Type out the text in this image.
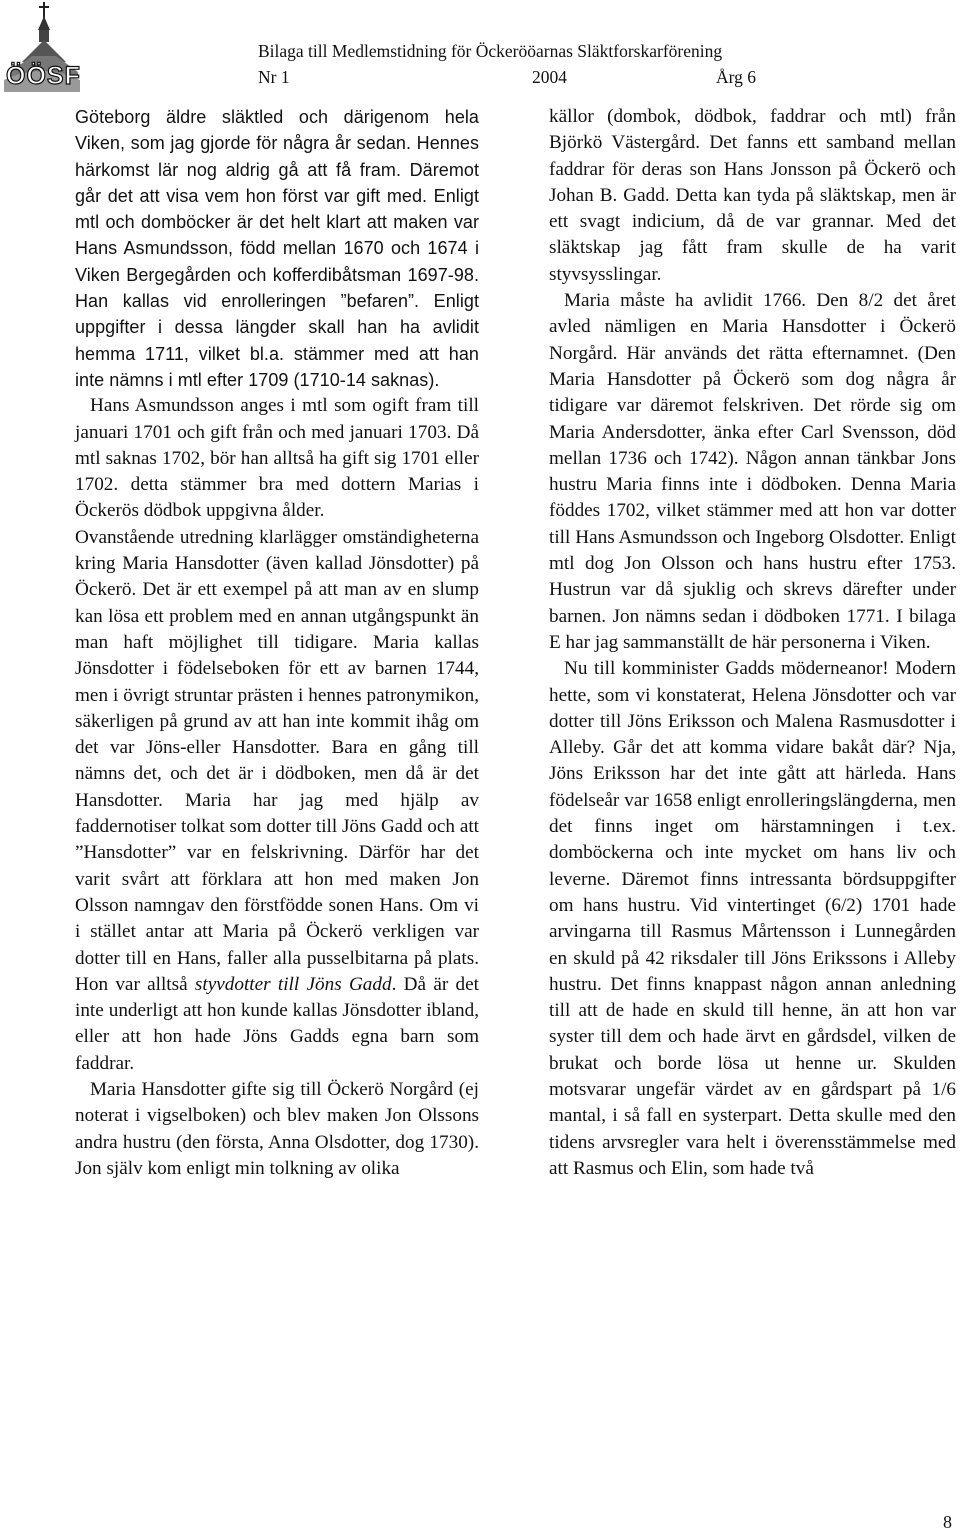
ÖÖSF
Bilaga till Medlemstidning för Öckerööarnas Släktforskarförening
Nr 1	2004	Årg 6

Göteborg äldre släktled och därigenom hela Viken, som jag gjorde för några år sedan. Hennes härkomst lär nog aldrig gå att få fram. Däremot går det att visa vem hon först var gift med. Enligt mtl och domböcker är det helt klart att maken var Hans Asmundsson, född mellan 1670 och 1674 i Viken Bergegården och kofferdibåtsman 1697-98. Han kallas vid enrolleringen ”befaren”. Enligt uppgifter i dessa längder skall han ha avlidit hemma 1711, vilket bl.a. stämmer med att han inte nämns i mtl efter 1709 (1710-14 saknas).

Hans Asmundsson anges i mtl som ogift fram till januari 1701 och gift från och med januari 1703. Då mtl saknas 1702, bör han alltså ha gift sig 1701 eller 1702. detta stämmer bra med dottern Marias i Öckerös dödbok uppgivna ålder.

Ovanstående utredning klarlägger omständigheterna kring Maria Hansdotter (även kallad Jönsdotter) på Öckerö. Det är ett exempel på att man av en slump kan lösa ett problem med en annan utgångspunkt än man haft möjlighet till tidigare. Maria kallas Jönsdotter i födelseboken för ett av barnen 1744, men i övrigt struntar prästen i hennes patronymikon, säkerligen på grund av att han inte kommit ihåg om det var Jöns-eller Hansdotter. Bara en gång till nämns det, och det är i dödboken, men då är det Hansdotter. Maria har jag med hjälp av faddernotiser tolkat som dotter till Jöns Gadd och att ”Hansdotter” var en felskrivning. Därför har det varit svårt att förklara att hon med maken Jon Olsson namngav den förstfödde sonen Hans. Om vi i stället antar att Maria på Öckerö verkligen var dotter till en Hans, faller alla pusselbitarna på plats. Hon var alltså styvdotter till Jöns Gadd. Då är det inte underligt att hon kunde kallas Jönsdotter ibland, eller att hon hade Jöns Gadds egna barn som faddrar.

Maria Hansdotter gifte sig till Öckerö Norgård (ej noterat i vigselboken) och blev maken Jon Olssons andra hustru (den första, Anna Olsdotter, dog 1730). Jon själv kom enligt min tolkning av olika

källor (dombok, dödbok, faddrar och mtl) från Björkö Västergård. Det fanns ett samband mellan faddrar för deras son Hans Jonsson på Öckerö och Johan B. Gadd. Detta kan tyda på släktskap, men är ett svagt indicium, då de var grannar. Med det släktskap jag fått fram skulle de ha varit styvsysslingar.

Maria måste ha avlidit 1766. Den 8/2 det året avled nämligen en Maria Hansdotter i Öckerö Norgård. Här används det rätta efternamnet. (Den Maria Hansdotter på Öckerö som dog några år tidigare var däremot felskriven. Det rörde sig om Maria Andersdotter, änka efter Carl Svensson, död mellan 1736 och 1742). Någon annan tänkbar Jons hustru Maria finns inte i dödboken. Denna Maria föddes 1702, vilket stämmer med att hon var dotter till Hans Asmundsson och Ingeborg Olsdotter. Enligt mtl dog Jon Olsson och hans hustru efter 1753. Hustrun var då sjuklig och skrevs därefter under barnen. Jon nämns sedan i dödboken 1771. I bilaga E har jag sammanställt de här personerna i Viken.

Nu till komminister Gadds möderneanor! Modern hette, som vi konstaterat, Helena Jönsdotter och var dotter till Jöns Eriksson och Malena Rasmusdotter i Alleby. Går det att komma vidare bakåt där? Nja, Jöns Eriksson har det inte gått att härleda. Hans födelseår var 1658 enligt enrolleringslängderna, men det finns inget om härstamningen i t.ex. domböckerna och inte mycket om hans liv och leverne. Däremot finns intressanta bördsuppgifter om hans hustru. Vid vintertinget (6/2) 1701 hade arvingarna till Rasmus Mårtensson i Lunnegården en skuld på 42 riksdaler till Jöns Erikssons i Alleby hustru. Det finns knappast någon annan anledning till att de hade en skuld till henne, än att hon var syster till dem och hade ärvt en gårdsdel, vilken de brukat och borde lösa ut henne ur. Skulden motsvarar ungefär värdet av en gårdspart på 1/6 mantal, i så fall en systerpart. Detta skulle med den tidens arvsregler vara helt i överensstämmelse med att Rasmus och Elin, som hade två

8
